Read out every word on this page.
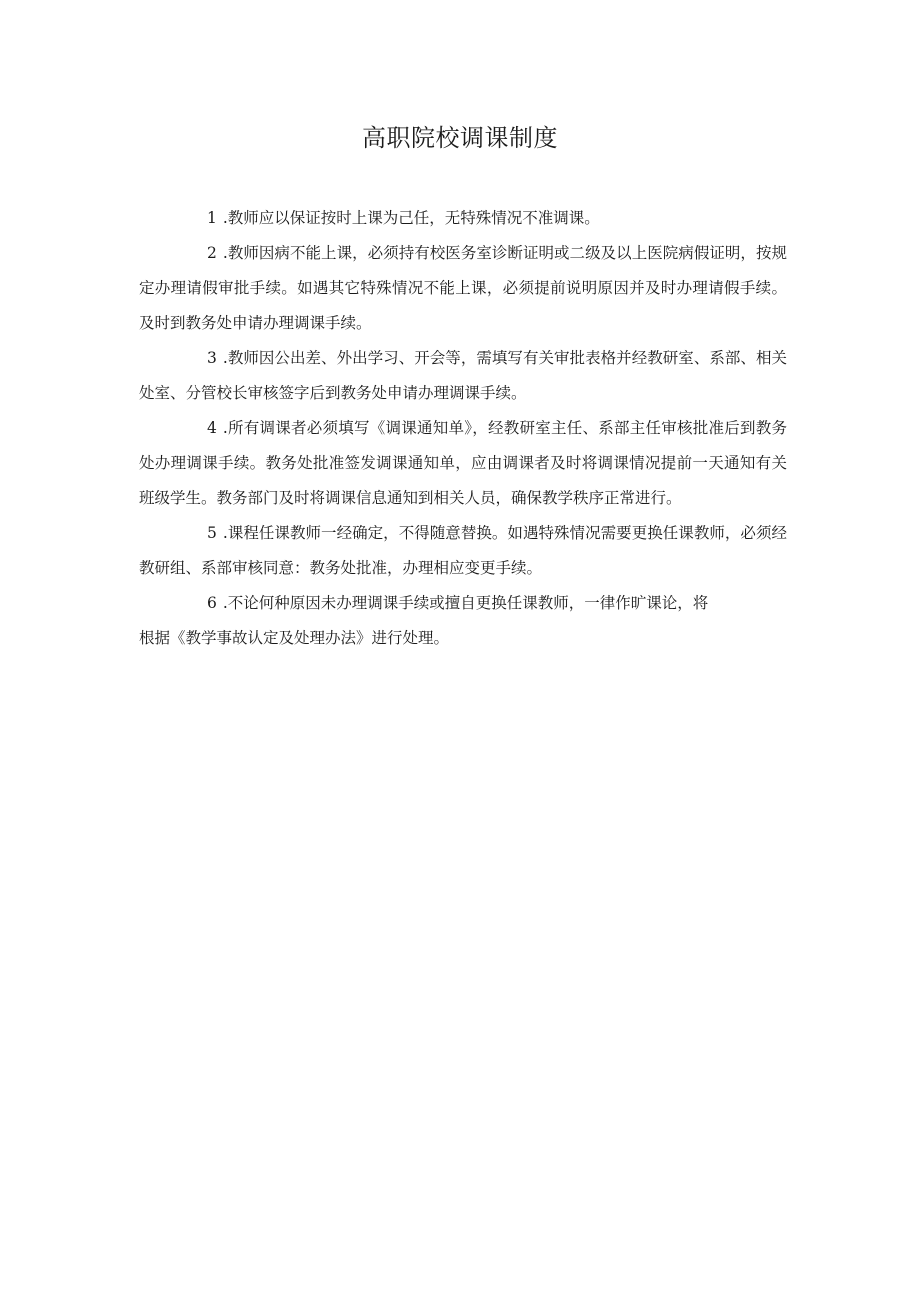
高职院校调课制度

1 .教师应以保证按时上课为己任，无特殊情况不准调课。

2 .教师因病不能上课，必须持有校医务室诊断证明或二级及以上医院病假证明，按规定办理请假审批手续。如遇其它特殊情况不能上课，必须提前说明原因并及时办理请假手续。及时到教务处申请办理调课手续。

3 .教师因公出差、外出学习、开会等，需填写有关审批表格并经教研室、系部、相关处室、分管校长审核签字后到教务处申请办理调课手续。

4 .所有调课者必须填写《调课通知单》，经教研室主任、系部主任审核批准后到教务处办理调课手续。教务处批准签发调课通知单，应由调课者及时将调课情况提前一天通知有关班级学生。教务部门及时将调课信息通知到相关人员，确保教学秩序正常进行。

5 .课程任课教师一经确定，不得随意替换。如遇特殊情况需要更换任课教师，必须经教研组、系部审核同意：教务处批准，办理相应变更手续。

6 .不论何种原因未办理调课手续或擅自更换任课教师，一律作旷课论，将
根据《教学事故认定及处理办法》进行处理。
